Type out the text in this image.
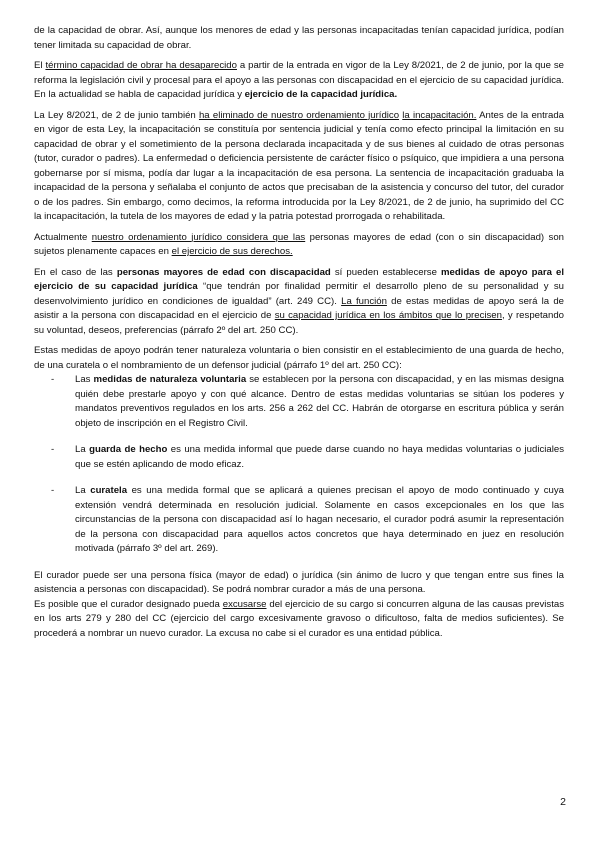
de la capacidad de obrar. Así, aunque los menores de edad y las personas incapacitadas tenían capacidad jurídica, podían tener limitada su capacidad de obrar.

El término capacidad de obrar ha desaparecido a partir de la entrada en vigor de la Ley 8/2021, de 2 de junio, por la que se reforma la legislación civil y procesal para el apoyo a las personas con discapacidad en el ejercicio de su capacidad jurídica. En la actualidad se habla de capacidad jurídica y ejercicio de la capacidad jurídica.

La Ley 8/2021, de 2 de junio también ha eliminado de nuestro ordenamiento jurídico la incapacitación. Antes de la entrada en vigor de esta Ley, la incapacitación se constituía por sentencia judicial y tenía como efecto principal la limitación en su capacidad de obrar y el sometimiento de la persona declarada incapacitada y de sus bienes al cuidado de otras personas (tutor, curador o padres). La enfermedad o deficiencia persistente de carácter físico o psíquico, que impidiera a una persona gobernarse por sí misma, podía dar lugar a la incapacitación de esa persona. La sentencia de incapacitación graduaba la incapacidad de la persona y señalaba el conjunto de actos que precisaban de la asistencia y concurso del tutor, del curador o de los padres. Sin embargo, como decimos, la reforma introducida por la Ley 8/2021, de 2 de junio, ha suprimido del CC la incapacitación, la tutela de los mayores de edad y la patria potestad prorrogada o rehabilitada.

Actualmente nuestro ordenamiento jurídico considera que las personas mayores de edad (con o sin discapacidad) son sujetos plenamente capaces en el ejercicio de sus derechos.

En el caso de las personas mayores de edad con discapacidad sí pueden establecerse medidas de apoyo para el ejercicio de su capacidad jurídica “que tendrán por finalidad permitir el desarrollo pleno de su personalidad y su desenvolvimiento jurídico en condiciones de igualdad” (art. 249 CC). La función de estas medidas de apoyo será la de asistir a la persona con discapacidad en el ejercicio de su capacidad jurídica en los ámbitos que lo precisen, y respetando su voluntad, deseos, preferencias (párrafo 2º del art. 250 CC).

Estas medidas de apoyo podrán tener naturaleza voluntaria o bien consistir en el establecimiento de una guarda de hecho, de una curatela o el nombramiento de un defensor judicial (párrafo 1º del art. 250 CC):

- Las medidas de naturaleza voluntaria se establecen por la persona con discapacidad, y en las mismas designa quién debe prestarle apoyo y con qué alcance. Dentro de estas medidas voluntarias se sitúan los poderes y mandatos preventivos regulados en los arts. 256 a 262 del CC. Habrán de otorgarse en escritura pública y serán objeto de inscripción en el Registro Civil.
- La guarda de hecho es una medida informal que puede darse cuando no haya medidas voluntarias o judiciales que se estén aplicando de modo eficaz.
- La curatela es una medida formal que se aplicará a quienes precisan el apoyo de modo continuado y cuya extensión vendrá determinada en resolución judicial. Solamente en casos excepcionales en los que las circunstancias de la persona con discapacidad así lo hagan necesario, el curador podrá asumir la representación de la persona con discapacidad para aquellos actos concretos que haya determinado en juez en resolución motivada (párrafo 3º del art. 269).

El curador puede ser una persona física (mayor de edad) o jurídica (sin ánimo de lucro y que tengan entre sus fines la asistencia a personas con discapacidad). Se podrá nombrar curador a más de una persona.

Es posible que el curador designado pueda excusarse del ejercicio de su cargo si concurren alguna de las causas previstas en los arts 279 y 280 del CC (ejercicio del cargo excesivamente gravoso o dificultoso, falta de medios suficientes). Se procederá a nombrar un nuevo curador. La excusa no cabe si el curador es una entidad pública.

2
